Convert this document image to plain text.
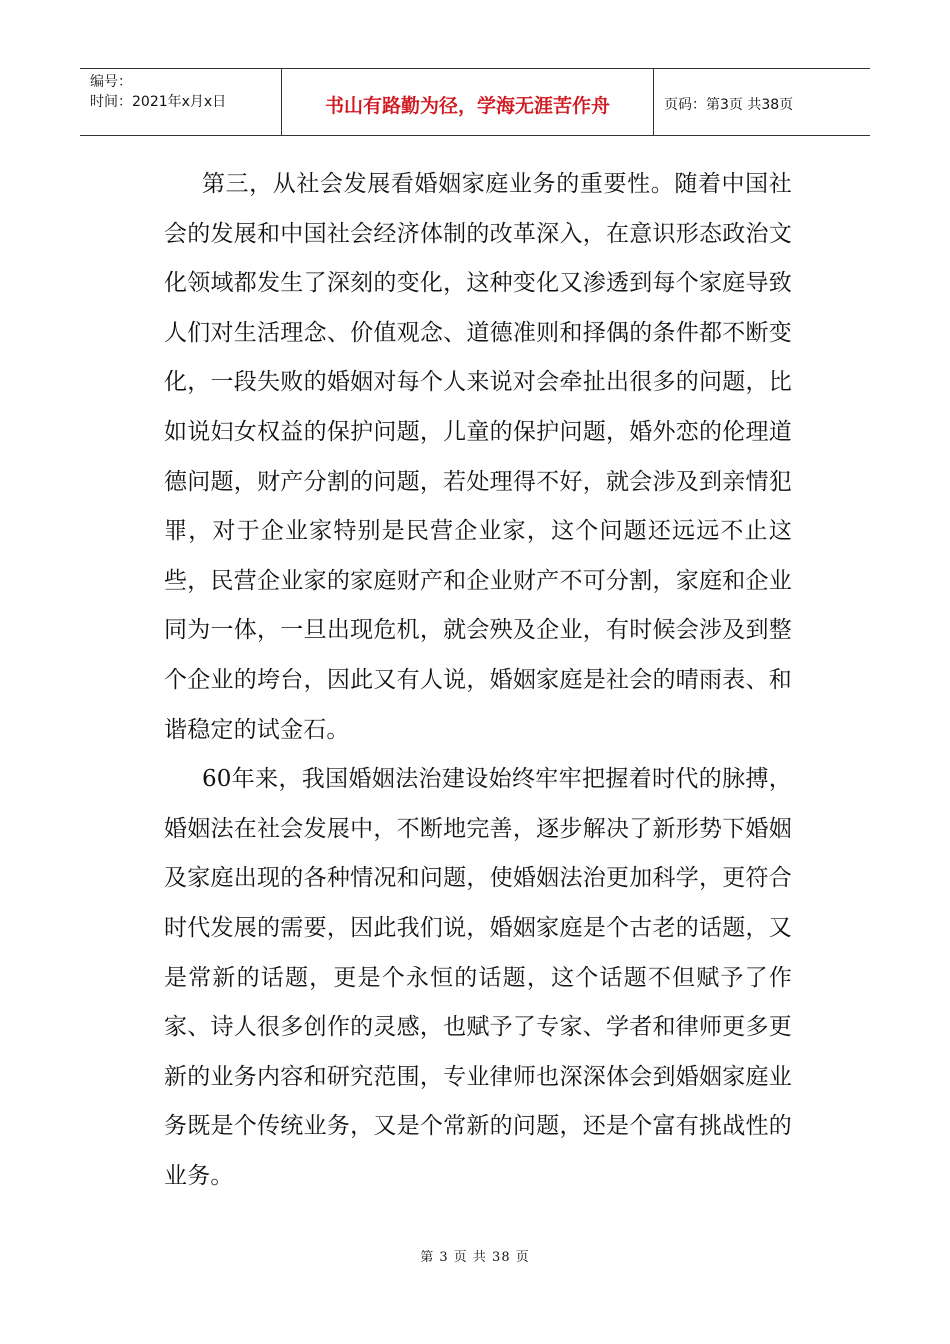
编号：
时间：2021年x月x日	书山有路勤为径，学海无涯苦作舟	页码：第3页 共38页

第三，从社会发展看婚姻家庭业务的重要性。随着中国社会的发展和中国社会经济体制的改革深入，在意识形态政治文化领域都发生了深刻的变化，这种变化又渗透到每个家庭导致人们对生活理念、价值观念、道德准则和择偶的条件都不断变化，一段失败的婚姻对每个人来说对会牵扯出很多的问题，比如说妇女权益的保护问题，儿童的保护问题，婚外恋的伦理道德问题，财产分割的问题，若处理得不好，就会涉及到亲情犯罪，对于企业家特别是民营企业家，这个问题还远远不止这些，民营企业家的家庭财产和企业财产不可分割，家庭和企业同为一体，一旦出现危机，就会殃及企业，有时候会涉及到整个企业的垮台，因此又有人说，婚姻家庭是社会的晴雨表、和谐稳定的试金石。

60年来，我国婚姻法治建设始终牢牢把握着时代的脉搏，婚姻法在社会发展中，不断地完善，逐步解决了新形势下婚姻及家庭出现的各种情况和问题，使婚姻法治更加科学，更符合时代发展的需要，因此我们说，婚姻家庭是个古老的话题，又是常新的话题，更是个永恒的话题，这个话题不但赋予了作家、诗人很多创作的灵感，也赋予了专家、学者和律师更多更新的业务内容和研究范围，专业律师也深深体会到婚姻家庭业务既是个传统业务，又是个常新的问题，还是个富有挑战性的业务。

第 3 页 共 38 页
